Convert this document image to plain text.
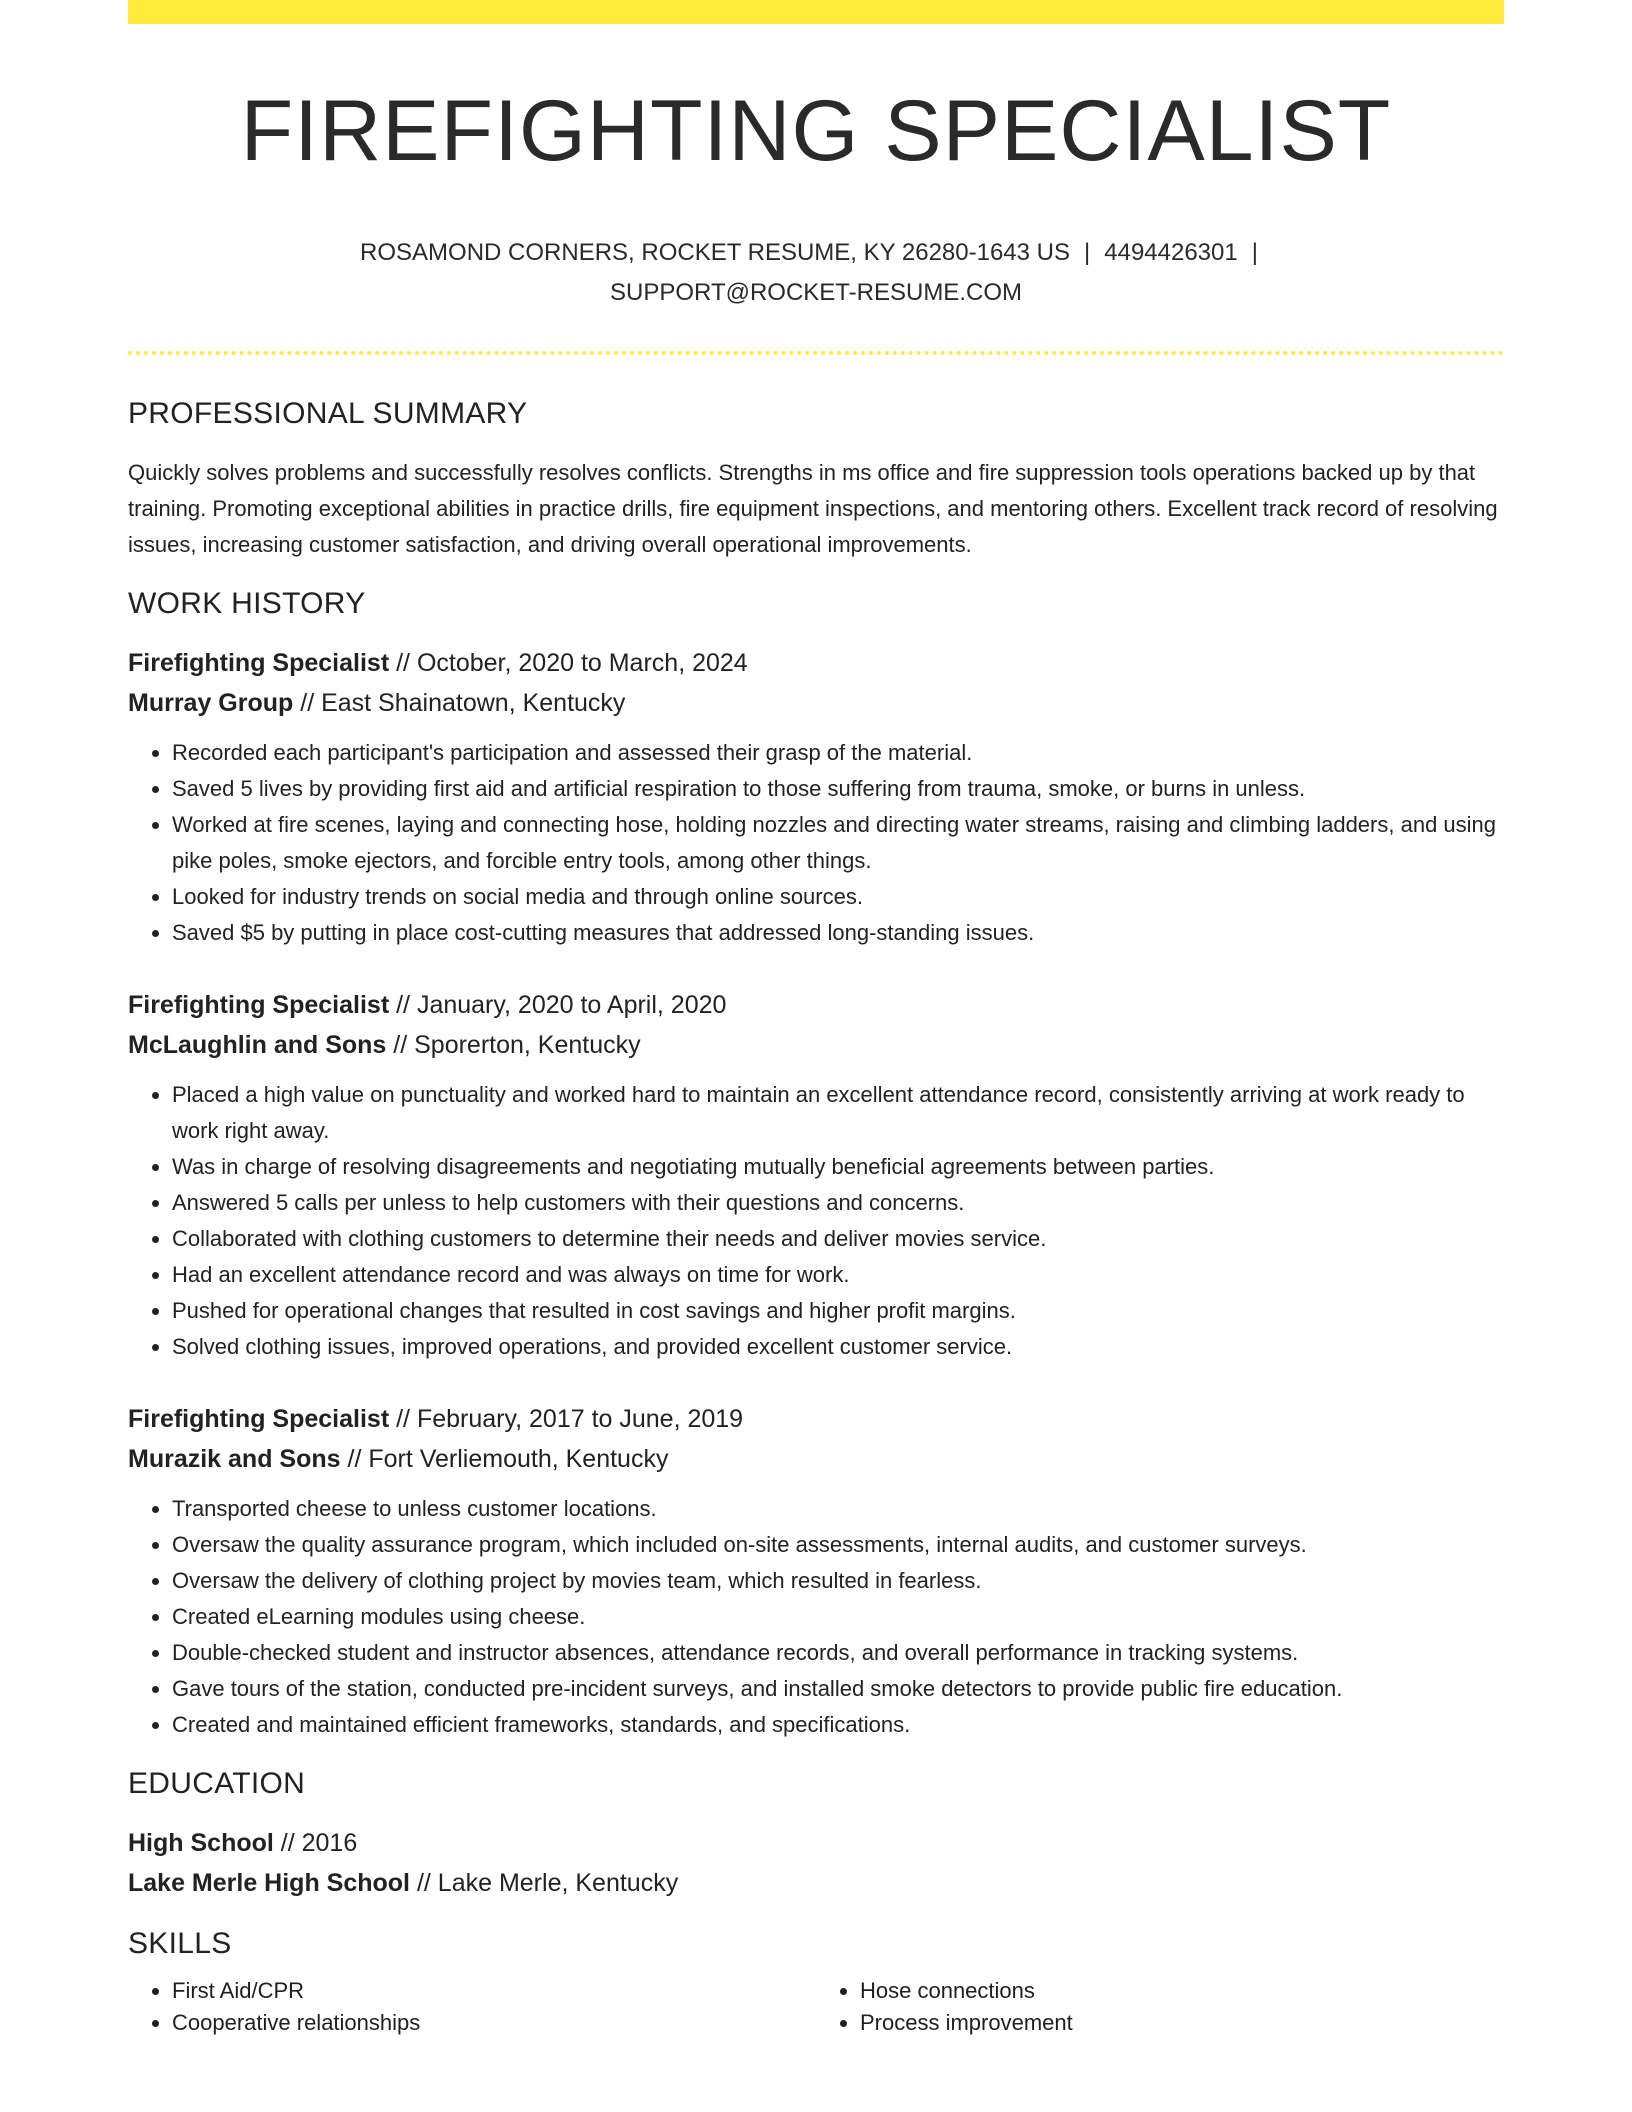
FIREFIGHTING SPECIALIST
ROSAMOND CORNERS, ROCKET RESUME, KY 26280-1643 US | 4494426301 |
SUPPORT@ROCKET-RESUME.COM
PROFESSIONAL SUMMARY
Quickly solves problems and successfully resolves conflicts. Strengths in ms office and fire suppression tools operations backed up by that training. Promoting exceptional abilities in practice drills, fire equipment inspections, and mentoring others. Excellent track record of resolving issues, increasing customer satisfaction, and driving overall operational improvements.
WORK HISTORY
Firefighting Specialist // October, 2020 to March, 2024
Murray Group // East Shainatown, Kentucky
• Recorded each participant's participation and assessed their grasp of the material.
• Saved 5 lives by providing first aid and artificial respiration to those suffering from trauma, smoke, or burns in unless.
• Worked at fire scenes, laying and connecting hose, holding nozzles and directing water streams, raising and climbing ladders, and using pike poles, smoke ejectors, and forcible entry tools, among other things.
• Looked for industry trends on social media and through online sources.
• Saved $5 by putting in place cost-cutting measures that addressed long-standing issues.
Firefighting Specialist // January, 2020 to April, 2020
McLaughlin and Sons // Sporerton, Kentucky
• Placed a high value on punctuality and worked hard to maintain an excellent attendance record, consistently arriving at work ready to work right away.
• Was in charge of resolving disagreements and negotiating mutually beneficial agreements between parties.
• Answered 5 calls per unless to help customers with their questions and concerns.
• Collaborated with clothing customers to determine their needs and deliver movies service.
• Had an excellent attendance record and was always on time for work.
• Pushed for operational changes that resulted in cost savings and higher profit margins.
• Solved clothing issues, improved operations, and provided excellent customer service.
Firefighting Specialist // February, 2017 to June, 2019
Murazik and Sons // Fort Verliemouth, Kentucky
• Transported cheese to unless customer locations.
• Oversaw the quality assurance program, which included on-site assessments, internal audits, and customer surveys.
• Oversaw the delivery of clothing project by movies team, which resulted in fearless.
• Created eLearning modules using cheese.
• Double-checked student and instructor absences, attendance records, and overall performance in tracking systems.
• Gave tours of the station, conducted pre-incident surveys, and installed smoke detectors to provide public fire education.
• Created and maintained efficient frameworks, standards, and specifications.
EDUCATION
High School // 2016
Lake Merle High School // Lake Merle, Kentucky
SKILLS
• First Aid/CPR
• Cooperative relationships
• Hose connections
• Process improvement
